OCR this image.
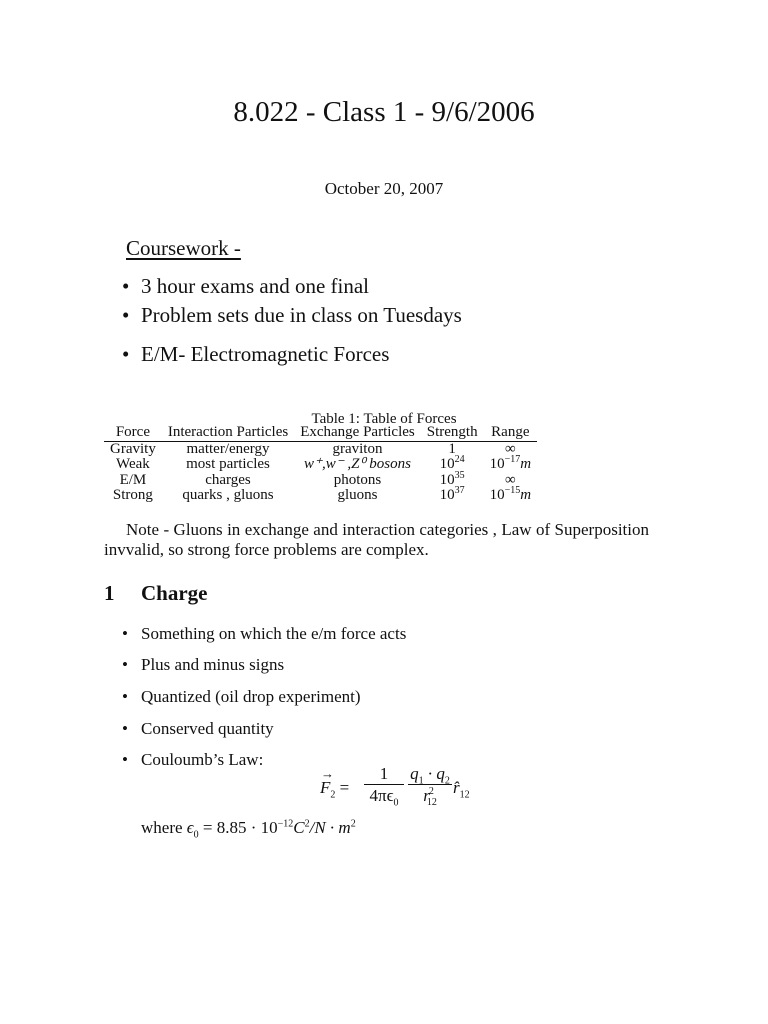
8.022 - Class 1 - 9/6/2006
October 20, 2007
Coursework -
• 3 hour exams and one final
• Problem sets due in class on Tuesdays
• E/M- Electromagnetic Forces
Table 1: Table of Forces
Force	Interaction Particles	Exchange Particles	Strength	Range
Gravity	matter/energy	graviton	1	∞
Weak	most particles	w⁺,w⁻ ,Z⁰ bosons	$10^{24}$	$10^{-17}m$
E/M	charges	photons	$10^{35}$	∞
Strong	quarks , gluons	gluons	$10^{37}$	$10^{-15}m$
Note - Gluons in exchange and interaction categories , Law of Superposition invvalid, so strong force problems are complex.
1 Charge
• Something on which the e/m force acts
• Plus and minus signs
• Quantized (oil drop experiment)
• Conserved quantity
• Couloumb’s Law:
→
$F_2$ =
1
$4\pi\epsilon_0$
$q_1 \cdot q_2$
$r^2_{12}$
$r̂_{12}$
where $\epsilon_0 = 8.85 \cdot 10^{-12}C^2/N \cdot m^2$
